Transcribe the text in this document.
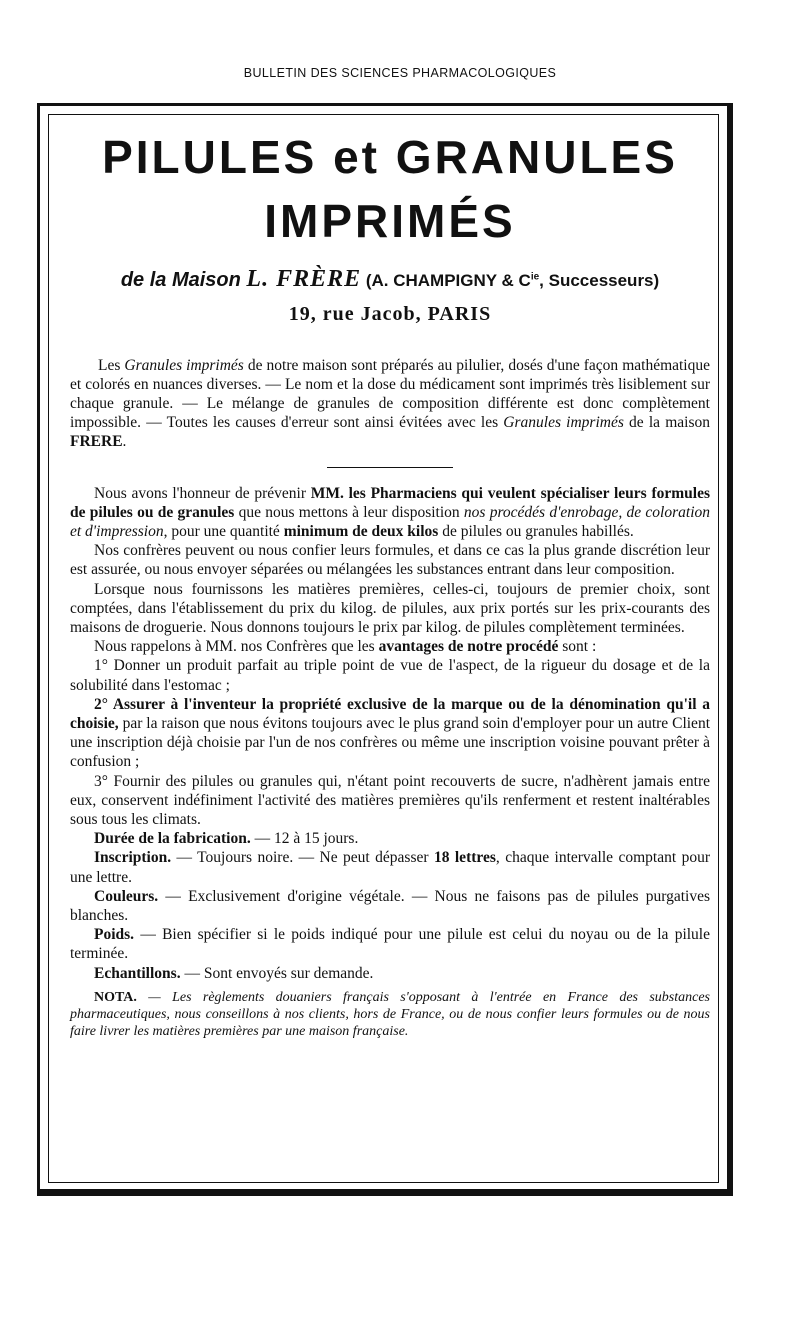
BULLETIN DES SCIENCES PHARMACOLOGIQUES
PILULES et GRANULES
IMPRIMÉS
de la Maison L. FRÈRE (A. CHAMPIGNY & $C^{ie}$, Successeurs)
19, rue Jacob, PARIS

Les Granules imprimés de notre maison sont préparés au pilulier, dosés d'une façon mathématique et colorés en nuances diverses. — Le nom et la dose du médicament sont imprimés très lisiblement sur chaque granule. — Le mélange de granules de composition différente est donc complètement impossible. — Toutes les causes d'erreur sont ainsi évitées avec les Granules imprimés de la maison FRERE.

Nous avons l'honneur de prévenir MM. les Pharmaciens qui veulent spécialiser leurs formules de pilules ou de granules que nous mettons à leur disposition nos procédés d'enrobage, de coloration et d'impression, pour une quantité minimum de deux kilos de pilules ou granules habillés.

Nos confrères peuvent ou nous confier leurs formules, et dans ce cas la plus grande discrétion leur est assurée, ou nous envoyer séparées ou mélangées les substances entrant dans leur composition.

Lorsque nous fournissons les matières premières, celles-ci, toujours de premier choix, sont comptées, dans l'établissement du prix du kilog. de pilules, aux prix portés sur les prix-courants des maisons de droguerie. Nous donnons toujours le prix par kilog. de pilules complètement terminées.

Nous rappelons à MM. nos Confrères que les avantages de notre procédé sont :

1° Donner un produit parfait au triple point de vue de l'aspect, de la rigueur du dosage et de la solubilité dans l'estomac ;

2° Assurer à l'inventeur la propriété exclusive de la marque ou de la dénomination qu'il a choisie, par la raison que nous évitons toujours avec le plus grand soin d'employer pour un autre Client une inscription déjà choisie par l'un de nos confrères ou même une inscription voisine pouvant prêter à confusion ;

3° Fournir des pilules ou granules qui, n'étant point recouverts de sucre, n'adhèrent jamais entre eux, conservent indéfiniment l'activité des matières premières qu'ils renferment et restent inaltérables sous tous les climats.

Durée de la fabrication. — 12 à 15 jours.

Inscription. — Toujours noire. — Ne peut dépasser 18 lettres, chaque intervalle comptant pour une lettre.

Couleurs. — Exclusivement d'origine végétale. — Nous ne faisons pas de pilules purgatives blanches.

Poids. — Bien spécifier si le poids indiqué pour une pilule est celui du noyau ou de la pilule terminée.

Echantillons. — Sont envoyés sur demande.

NOTA. — Les règlements douaniers français s'opposant à l'entrée en France des substances pharmaceutiques, nous conseillons à nos clients, hors de France, ou de nous confier leurs formules ou de nous faire livrer les matières premières par une maison française.
